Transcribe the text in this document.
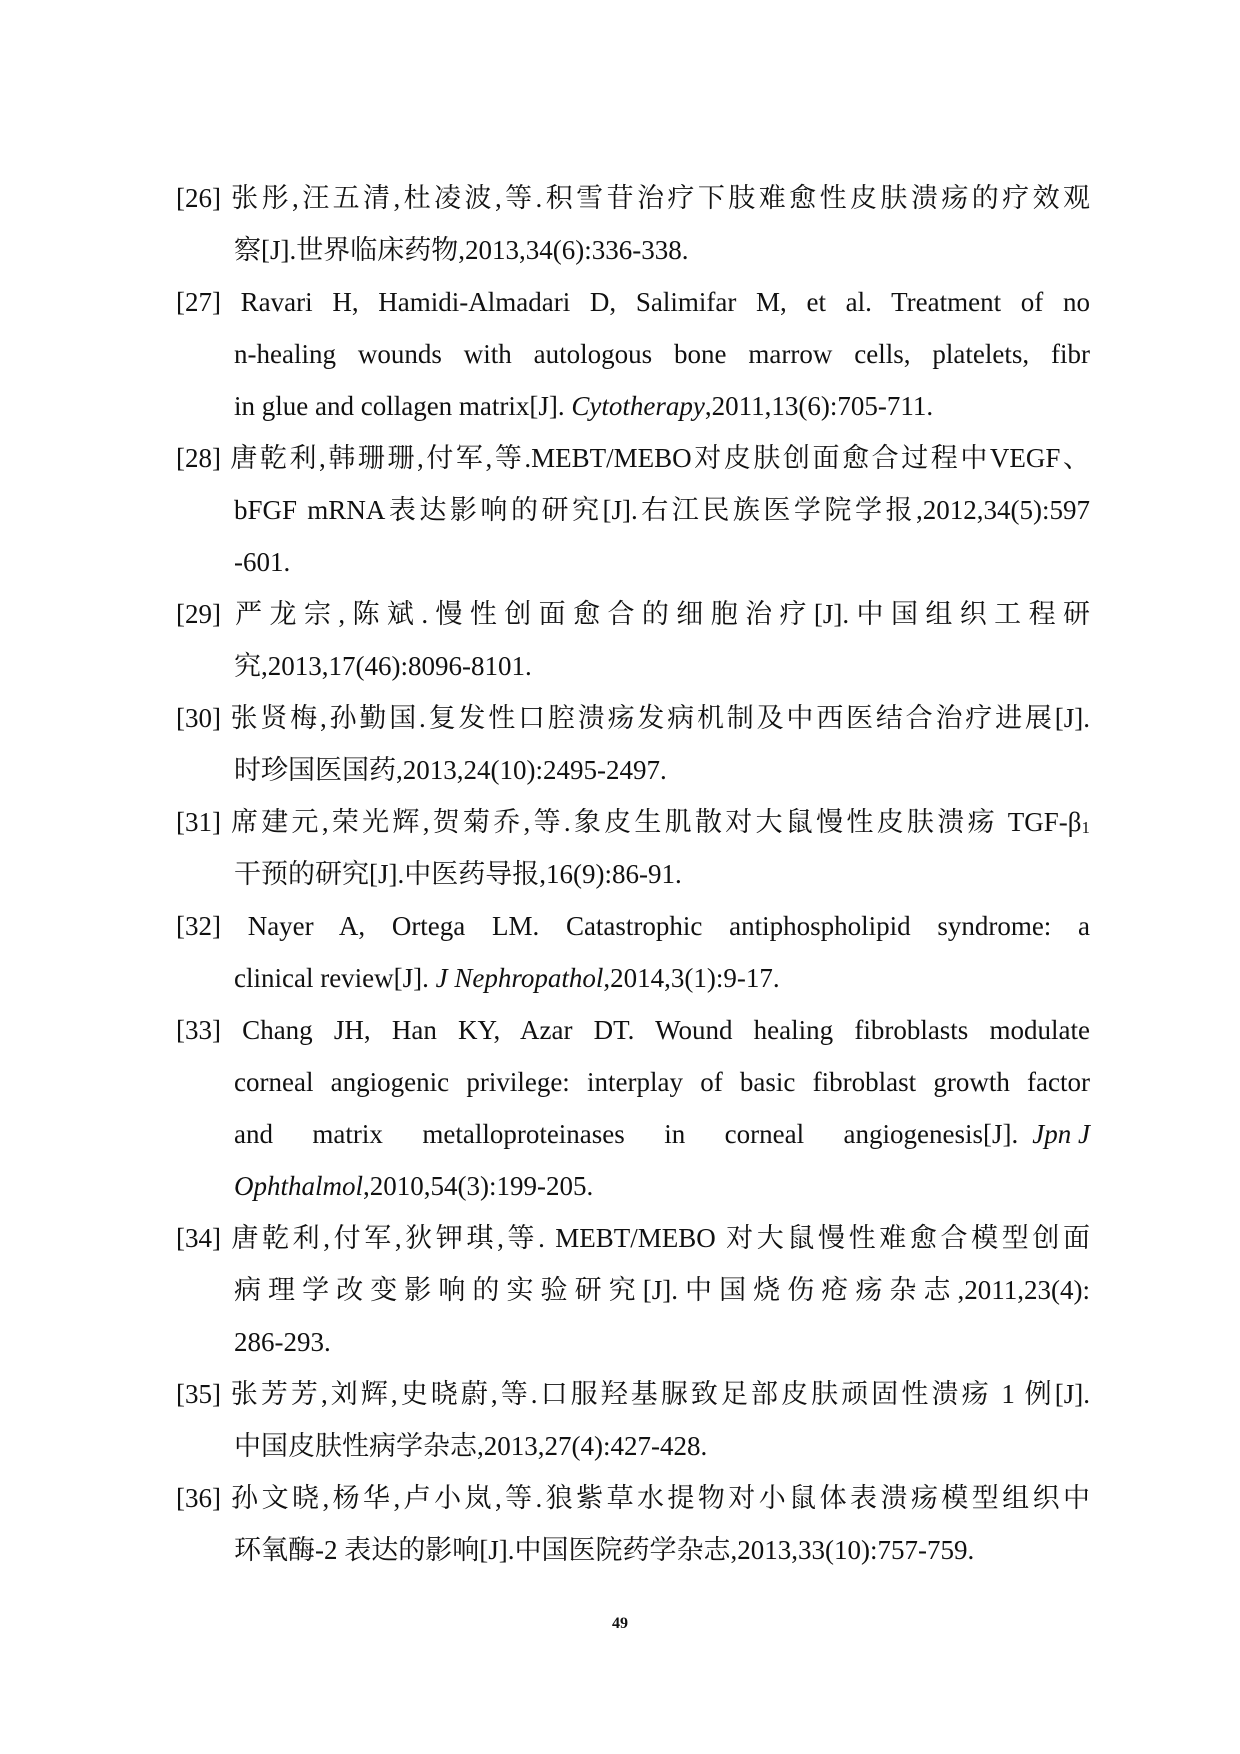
[26] 张彤,汪五清,杜凌波,等.积雪苷治疗下肢难愈性皮肤溃疡的疗效观
察[J].世界临床药物,2013,34(6):336-338.
[27] Ravari H, Hamidi-Almadari D, Salimifar M, et al. Treatment of no
n-healing wounds with autologous bone marrow cells, platelets, fibr
in glue and collagen matrix[J]. Cytotherapy,2011,13(6):705-711.
[28] 唐乾利,韩珊珊,付军,等.MEBT/MEBO对皮肤创面愈合过程中VEGF、
bFGF mRNA表达影响的研究[J].右江民族医学院学报,2012,34(5):597
-601.
[29] 严龙宗,陈斌.慢性创面愈合的细胞治疗[J].中国组织工程研
究,2013,17(46):8096-8101.
[30] 张贤梅,孙勤国.复发性口腔溃疡发病机制及中西医结合治疗进展[J].
时珍国医国药,2013,24(10):2495-2497.
[31] 席建元,荣光辉,贺菊乔,等.象皮生肌散对大鼠慢性皮肤溃疡 TGF-$\beta_1$
干预的研究[J].中医药导报,16(9):86-91.
[32] Nayer A, Ortega LM. Catastrophic antiphospholipid syndrome: a
clinical review[J]. J Nephropathol,2014,3(1):9-17.
[33] Chang JH, Han KY, Azar DT. Wound healing fibroblasts modulate
corneal angiogenic privilege: interplay of basic fibroblast growth factor
and matrix metalloproteinases in corneal angiogenesis[J]. Jpn J
Ophthalmol,2010,54(3):199-205.
[34] 唐乾利,付军,狄钾琪,等. MEBT/MEBO 对大鼠慢性难愈合模型创面
病理学改变影响的实验研究[J].中国烧伤疮疡杂志,2011,23(4):
286-293.
[35] 张芳芳,刘辉,史晓蔚,等.口服羟基脲致足部皮肤顽固性溃疡 1 例[J].
中国皮肤性病学杂志,2013,27(4):427-428.
[36] 孙文晓,杨华,卢小岚,等.狼紫草水提物对小鼠体表溃疡模型组织中
环氧酶-2 表达的影响[J].中国医院药学杂志,2013,33(10):757-759.
49
